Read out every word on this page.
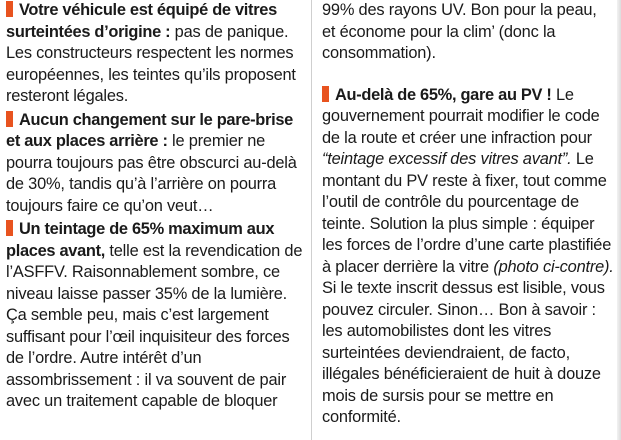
Votre véhicule est équipé de vitres surteintées d’origine : pas de panique. Les constructeurs respectent les normes européennes, les teintes qu’ils proposent resteront légales.

Aucun changement sur le pare-brise et aux places arrière : le premier ne pourra toujours pas être obscurci au-delà de 30%, tandis qu’à l’arrière on pourra toujours faire ce qu’on veut…

Un teintage de 65% maximum aux places avant, telle est la revendication de l’ASFFV. Raisonnablement sombre, ce niveau laisse passer 35% de la lumière. Ça semble peu, mais c’est largement suffisant pour l’œil inquisiteur des forces de l’ordre. Autre intérêt d’un assombrissement : il va souvent de pair avec un traitement capable de bloquer

99% des rayons UV. Bon pour la peau, et économe pour la clim’ (donc la consommation).

Au-delà de 65%, gare au PV ! Le gouvernement pourrait modifier le code de la route et créer une infraction pour “teintage excessif des vitres avant”. Le montant du PV reste à fixer, tout comme l’outil de contrôle du pourcentage de teinte. Solution la plus simple : équiper les forces de l’ordre d’une carte plastifiée à placer derrière la vitre (photo ci-contre). Si le texte inscrit dessus est lisible, vous pouvez circuler. Sinon… Bon à savoir : les automobilistes dont les vitres surteintées deviendraient, de facto, illégales bénéficieraient de huit à douze mois de sursis pour se mettre en conformité.
